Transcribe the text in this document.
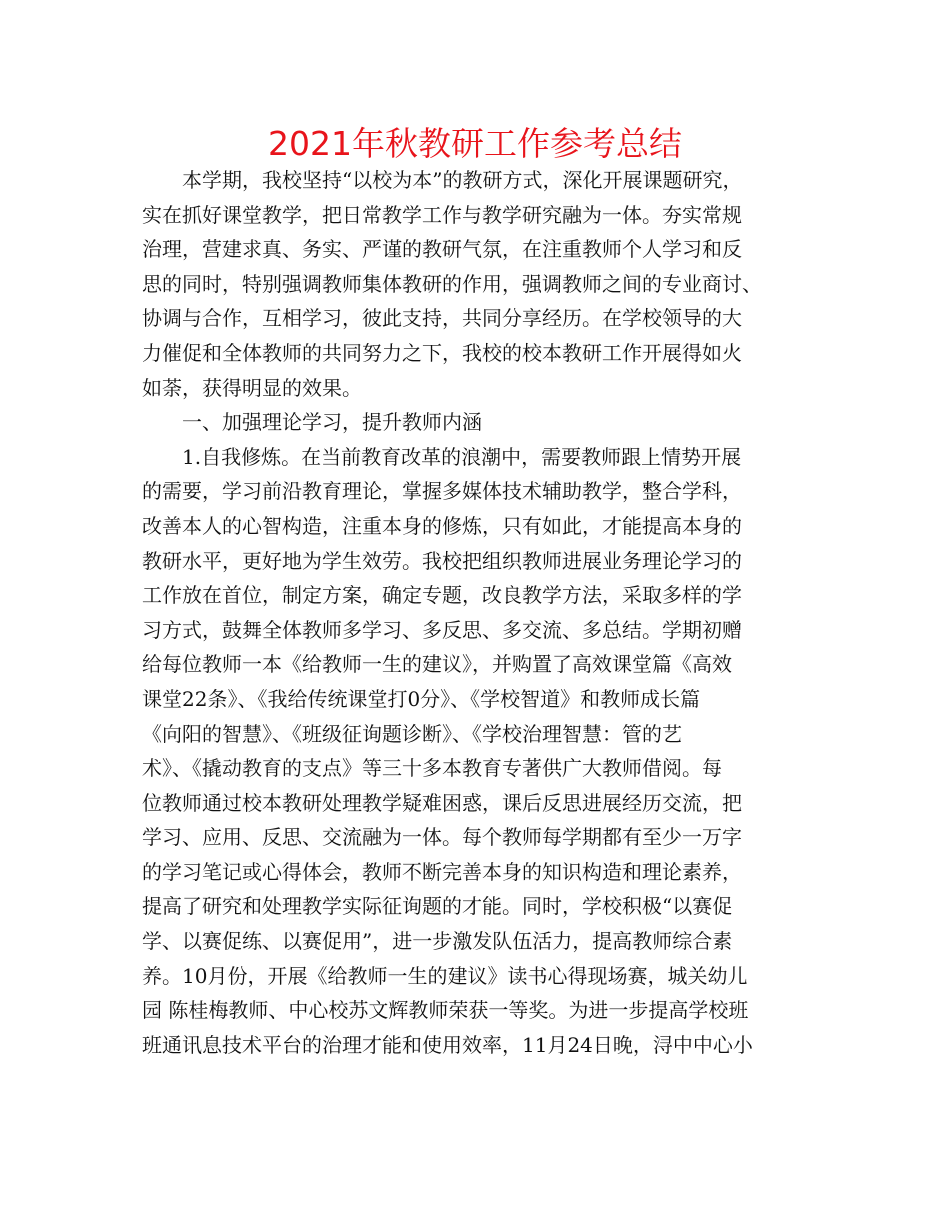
2021年秋教研工作参考总结
本学期，我校坚持“以校为本”的教研方式，深化开展课题研究，
实在抓好课堂教学，把日常教学工作与教学研究融为一体。夯实常规
治理，营建求真、务实、严谨的教研气氛，在注重教师个人学习和反
思的同时，特别强调教师集体教研的作用，强调教师之间的专业商讨、
协调与合作，互相学习，彼此支持，共同分享经历。在学校领导的大
力催促和全体教师的共同努力之下，我校的校本教研工作开展得如火
如荼，获得明显的效果。
一、加强理论学习，提升教师内涵
1.自我修炼。在当前教育改革的浪潮中，需要教师跟上情势开展
的需要，学习前沿教育理论，掌握多媒体技术辅助教学，整合学科，
改善本人的心智构造，注重本身的修炼，只有如此，才能提高本身的
教研水平，更好地为学生效劳。我校把组织教师进展业务理论学习的
工作放在首位，制定方案，确定专题，改良教学方法，采取多样的学
习方式，鼓舞全体教师多学习、多反思、多交流、多总结。学期初赠
给每位教师一本《给教师一生的建议》，并购置了高效课堂篇《高效
课堂22条》、《我给传统课堂打0分》、《学校智道》和教师成长篇
《向阳的智慧》、《班级征询题诊断》、《学校治理智慧：管的艺
术》、《撬动教育的支点》等三十多本教育专著供广大教师借阅。每
位教师通过校本教研处理教学疑难困惑，课后反思进展经历交流，把
学习、应用、反思、交流融为一体。每个教师每学期都有至少一万字
的学习笔记或心得体会，教师不断完善本身的知识构造和理论素养，
提高了研究和处理教学实际征询题的才能。同时，学校积极“以赛促
学、以赛促练、以赛促用”，进一步激发队伍活力，提高教师综合素
养。10月份，开展《给教师一生的建议》读书心得现场赛，城关幼儿
园 陈桂梅教师、中心校苏文辉教师荣获一等奖。为进一步提高学校班
班通讯息技术平台的治理才能和使用效率，11月24日晚，浔中中心小
